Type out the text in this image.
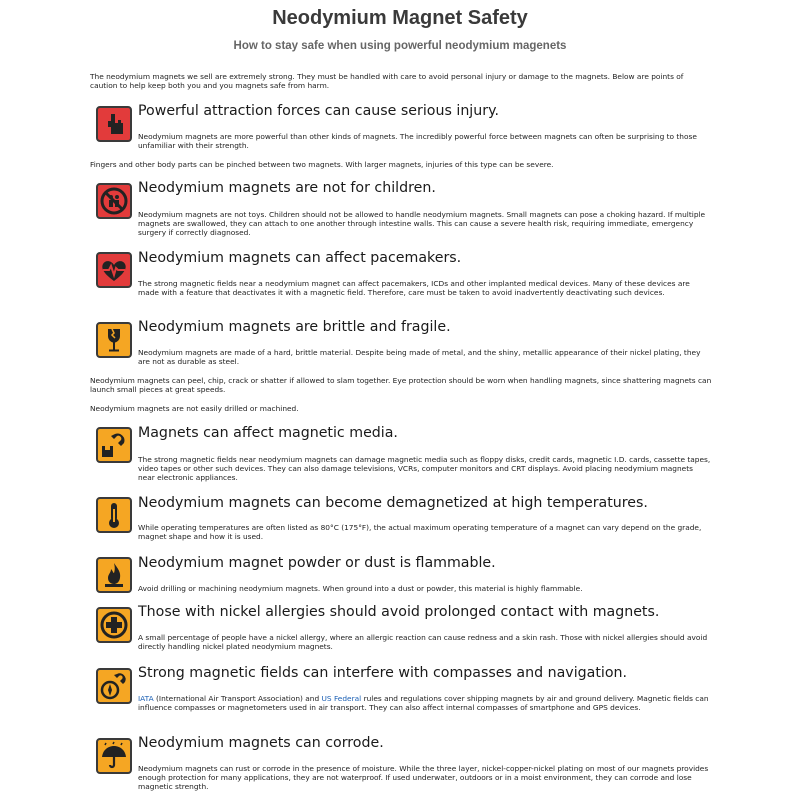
Neodymium Magnet Safety
How to stay safe when using powerful neodymium magenets

The neodymium magnets we sell are extremely strong. They must be handled with care to avoid personal injury or damage to the magnets. Below are points of caution to help keep both you and you magnets safe from harm.

Powerful attraction forces can cause serious injury.

Neodymium magnets are more powerful than other kinds of magnets. The incredibly powerful force between magnets can often be surprising to those unfamiliar with their strength.

Fingers and other body parts can be pinched between two magnets. With larger magnets, injuries of this type can be severe.

Neodymium magnets are not for children.

Neodymium magnets are not toys. Children should not be allowed to handle neodymium magnets. Small magnets can pose a choking hazard. If multiple magnets are swallowed, they can attach to one another through intestine walls. This can cause a severe health risk, requiring immediate, emergency surgery if correctly diagnosed.

Neodymium magnets can affect pacemakers.

The strong magnetic fields near a neodymium magnet can affect pacemakers, ICDs and other implanted medical devices. Many of these devices are made with a feature that deactivates it with a magnetic field. Therefore, care must be taken to avoid inadvertently deactivating such devices.

Neodymium magnets are brittle and fragile.

Neodymium magnets are made of a hard, brittle material. Despite being made of metal, and the shiny, metallic appearance of their nickel plating, they are not as durable as steel.

Neodymium magnets can peel, chip, crack or shatter if allowed to slam together. Eye protection should be worn when handling magnets, since shattering magnets can launch small pieces at great speeds.

Neodymium magnets are not easily drilled or machined.

Magnets can affect magnetic media.

The strong magnetic fields near neodymium magnets can damage magnetic media such as floppy disks, credit cards, magnetic I.D. cards, cassette tapes, video tapes or other such devices. They can also damage televisions, VCRs, computer monitors and CRT displays. Avoid placing neodymium magnets near electronic appliances.

Neodymium magnets can become demagnetized at high temperatures.

While operating temperatures are often listed as 80°C (175°F), the actual maximum operating temperature of a magnet can vary depend on the grade, magnet shape and how it is used.

Neodymium magnet powder or dust is flammable.

Avoid drilling or machining neodymium magnets. When ground into a dust or powder, this material is highly flammable.

Those with nickel allergies should avoid prolonged contact with magnets.

A small percentage of people have a nickel allergy, where an allergic reaction can cause redness and a skin rash. Those with nickel allergies should avoid directly handling nickel plated neodymium magnets.

Strong magnetic fields can interfere with compasses and navigation.

IATA (International Air Transport Association) and US Federal rules and regulations cover shipping magnets by air and ground delivery. Magnetic fields can influence compasses or magnetometers used in air transport. They can also affect internal compasses of smartphone and GPS devices.

Neodymium magnets can corrode.

Neodymium magnets can rust or corrode in the presence of moisture. While the three layer, nickel-copper-nickel plating on most of our magnets provides enough protection for many applications, they are not waterproof. If used underwater, outdoors or in a moist environment, they can corrode and lose magnetic strength.
